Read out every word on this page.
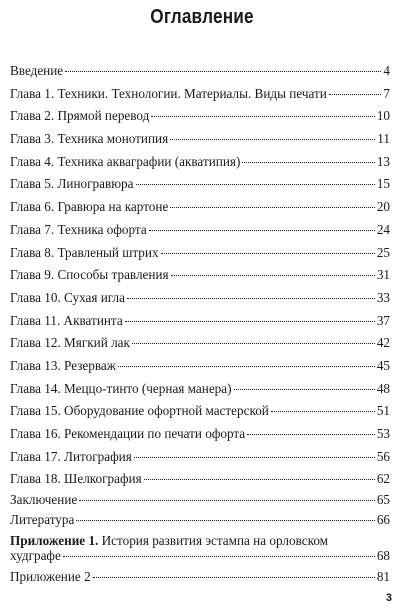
Оглавление
Введение	4
Глава 1. Техники. Технологии. Материалы. Виды печати	7
Глава 2. Прямой перевод	10
Глава 3. Техника монотипия	11
Глава 4. Техника акваграфии (акватипия)	13
Глава 5. Линогравюра	15
Глава 6. Гравюра на картоне	20
Глава 7. Техника офорта	24
Глава 8. Травленый штрих	25
Глава 9. Способы травления	31
Глава 10. Сухая игла	33
Глава 11. Акватинта	37
Глава 12. Мягкий лак	42
Глава 13. Резерваж	45
Глава 14. Меццо-тинто (черная манера)	48
Глава 15. Оборудование офортной мастерской	51
Глава 16. Рекомендации по печати офорта	53
Глава 17. Литография	56
Глава 18. Шелкография	62
Заключение	65
Литература	66
Приложение 1. История развития эстампа на орловском
худграфе	68
Приложение 2	81
3
